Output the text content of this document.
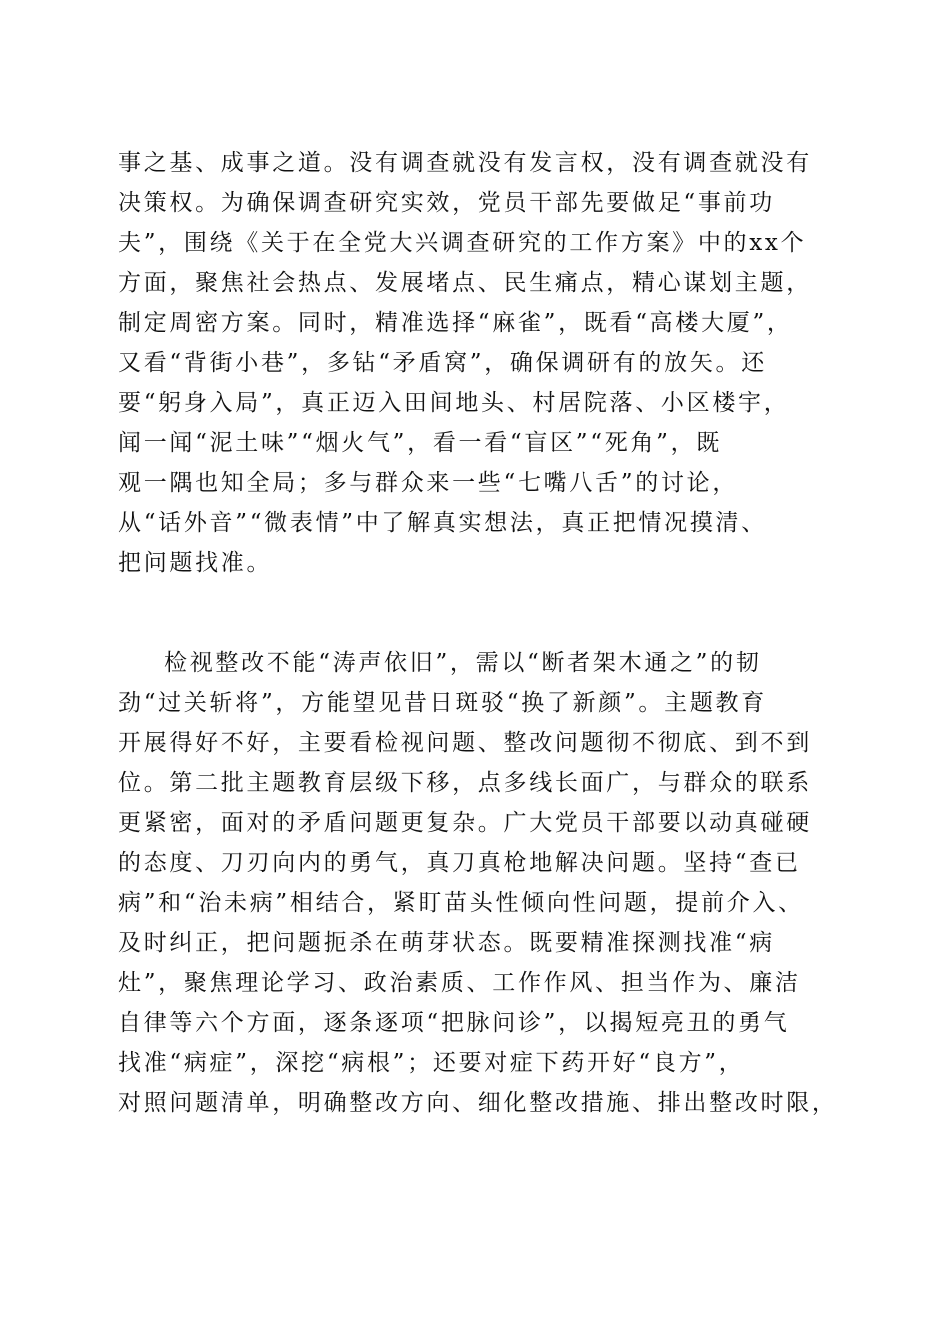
事之基、成事之道。没有调查就没有发言权，没有调查就没有
决策权。为确保调查研究实效，党员干部先要做足“事前功
夫”，围绕《关于在全党大兴调查研究的工作方案》中的xx个
方面，聚焦社会热点、发展堵点、民生痛点，精心谋划主题，
制定周密方案。同时，精准选择“麻雀”，既看“高楼大厦”，
又看“背街小巷”，多钻“矛盾窝”，确保调研有的放矢。还
要“躬身入局”，真正迈入田间地头、村居院落、小区楼宇，
闻一闻“泥土味”“烟火气”，看一看“盲区”“死角”，既
观一隅也知全局；多与群众来一些“七嘴八舌”的讨论，
从“话外音”“微表情”中了解真实想法，真正把情况摸清、
把问题找准。
检视整改不能“涛声依旧”，需以“断者架木通之”的韧
劲“过关斩将”，方能望见昔日斑驳“换了新颜”。主题教育
开展得好不好，主要看检视问题、整改问题彻不彻底、到不到
位。第二批主题教育层级下移，点多线长面广，与群众的联系
更紧密，面对的矛盾问题更复杂。广大党员干部要以动真碰硬
的态度、刀刃向内的勇气，真刀真枪地解决问题。坚持“查已
病”和“治未病”相结合，紧盯苗头性倾向性问题，提前介入、
及时纠正，把问题扼杀在萌芽状态。既要精准探测找准“病
灶”，聚焦理论学习、政治素质、工作作风、担当作为、廉洁
自律等六个方面，逐条逐项“把脉问诊”，以揭短亮丑的勇气
找准“病症”，深挖“病根”；还要对症下药开好“良方”，
对照问题清单，明确整改方向、细化整改措施、排出整改时限，
